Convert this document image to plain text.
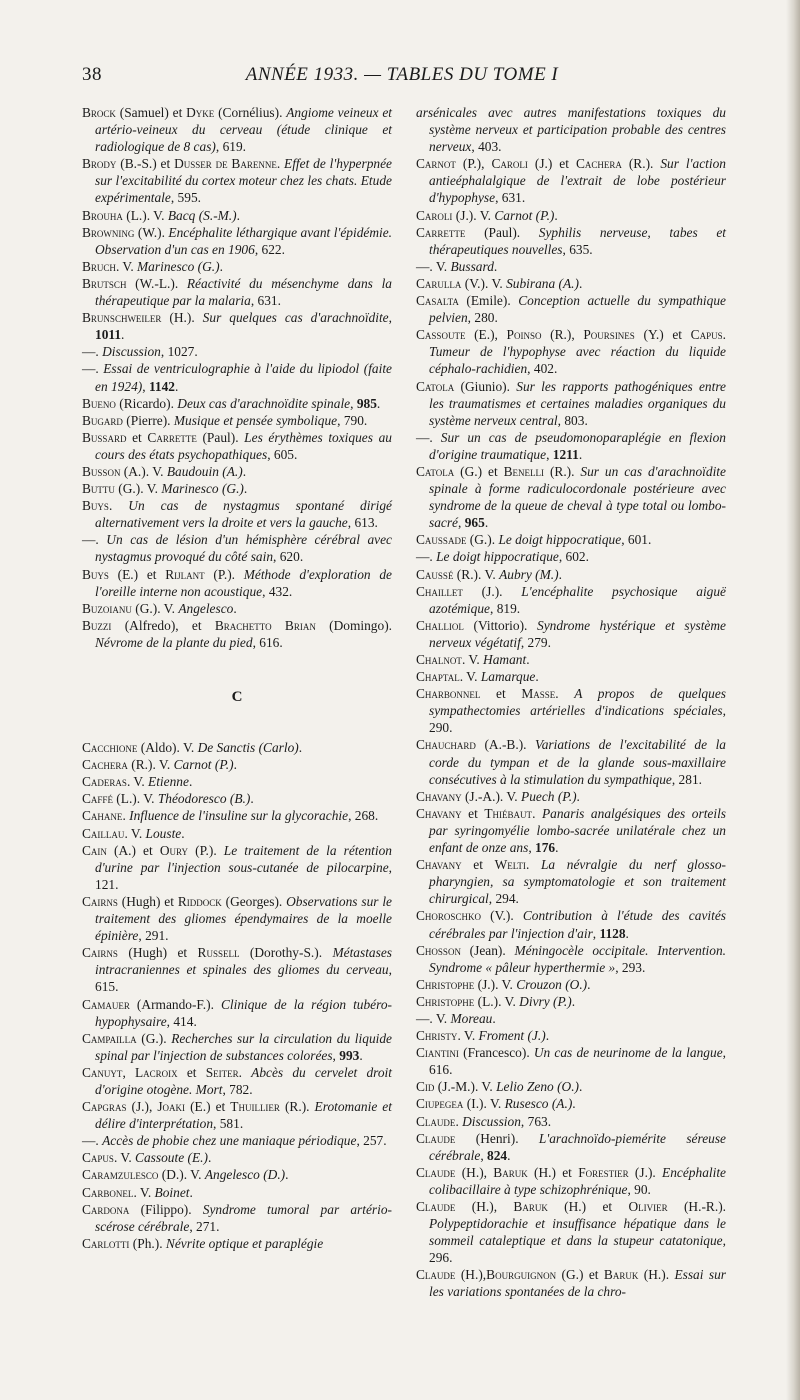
38	ANNÉE 1933. — TABLES DU TOME I
Brock (Samuel) et Dyke (Cornélius). Angiome veineux et artério-veineux du cerveau (étude clinique et radiologique de 8 cas), 619.
Brody (B.-S.) et Dusser de Barenne. Effet de l'hyperpnée sur l'excitabilité du cortex moteur chez les chats. Etude expérimentale, 595.
Brouha (L.). V. Bacq (S.-M.).
Browning (W.). Encéphalite léthargique avant l'épidémie. Observation d'un cas en 1906, 622.
Bruch. V. Marinesco (G.).
Brutsch (W.-L.). Réactivité du mésenchyme dans la thérapeutique par la malaria, 631.
Brunschweiler (H.). Sur quelques cas d'arachnoïdite, 1011.
—. Discussion, 1027.
—. Essai de ventriculographie à l'aide du lipiodol (faite en 1924), 1142.
Bueno (Ricardo). Deux cas d'arachnoïdite spinale, 985.
Bugard (Pierre). Musique et pensée symbolique, 790.
Bussard et Carrette (Paul). Les érythèmes toxiques au cours des états psychopathiques, 605.
Busson (A.). V. Baudouin (A.).
Buttu (G.). V. Marinesco (G.).
Buys. Un cas de nystagmus spontané dirigé alternativement vers la droite et vers la gauche, 613.
—. Un cas de lésion d'un hémisphère cérébral avec nystagmus provoqué du côté sain, 620.
Buys (E.) et Rijlant (P.). Méthode d'exploration de l'oreille interne non acoustique, 432.
Buzoianu (G.). V. Angelesco.
Buzzi (Alfredo), et Brachetto Brian (Domingo). Névrome de la plante du pied, 616.
C
Cacchione (Aldo). V. De Sanctis (Carlo).
Cachera (R.). V. Carnot (P.).
Caderas. V. Etienne.
Caffé (L.). V. Théodoresco (B.).
Cahane. Influence de l'insuline sur la glycorachie, 268.
Caillau. V. Louste.
Cain (A.) et Oury (P.). Le traitement de la rétention d'urine par l'injection sous-cutanée de pilocarpine, 121.
Cairns (Hugh) et Riddock (Georges). Observations sur le traitement des gliomes épendymaires de la moelle épinière, 291.
Cairns (Hugh) et Russell (Dorothy-S.). Métastases intracraniennes et spinales des gliomes du cerveau, 615.
Camauer (Armando-F.). Clinique de la région tubéro-hypophysaire, 414.
Campailla (G.). Recherches sur la circulation du liquide spinal par l'injection de substances colorées, 993.
Canuyt, Lacroix et Seiter. Abcès du cervelet droit d'origine otogène. Mort, 782.
Capgras (J.), Joaki (E.) et Thuillier (R.). Erotomanie et délire d'interprétation, 581.
—. Accès de phobie chez une maniaque périodique, 257.
Capus. V. Cassoute (E.).
Caramzulesco (D.). V. Angelesco (D.).
Carbonel. V. Boinet.
Cardona (Filippo). Syndrome tumoral par artério-scérose cérébrale, 271.
Carlotti (Ph.). Névrite optique et paraplégie
arsénicales avec autres manifestations toxiques du système nerveux et participation probable des centres nerveux, 403.
Carnot (P.), Caroli (J.) et Cachera (R.). Sur l'action antieéphalalgique de l'extrait de lobe postérieur d'hypophyse, 631.
Caroli (J.). V. Carnot (P.).
Carrette (Paul). Syphilis nerveuse, tabes et thérapeutiques nouvelles, 635.
—. V. Bussard.
Carulla (V.). V. Subirana (A.).
Casalta (Emile). Conception actuelle du sympathique pelvien, 280.
Cassoute (E.), Poinso (R.), Poursines (Y.) et Capus. Tumeur de l'hypophyse avec réaction du liquide céphalo-rachidien, 402.
Catola (Giunio). Sur les rapports pathogéniques entre les traumatismes et certaines maladies organiques du système nerveux central, 803.
—. Sur un cas de pseudomonoparaplégie en flexion d'origine traumatique, 1211.
Catola (G.) et Benelli (R.). Sur un cas d'arachnoïdite spinale à forme radiculocordonale postérieure avec syndrome de la queue de cheval à type total ou lombo-sacré, 965.
Caussade (G.). Le doigt hippocratique, 601.
—. Le doigt hippocratique, 602.
Caussé (R.). V. Aubry (M.).
Chaillet (J.). L'encéphalite psychosique aiguë azotémique, 819.
Challiol (Vittorio). Syndrome hystérique et système nerveux végétatif, 279.
Chalnot. V. Hamant.
Chaptal. V. Lamarque.
Charbonnel et Masse. A propos de quelques sympathectomies artérielles d'indications spéciales, 290.
Chauchard (A.-B.). Variations de l'excitabilité de la corde du tympan et de la glande sous-maxillaire consécutives à la stimulation du sympathique, 281.
Chavany (J.-A.). V. Puech (P.).
Chavany et Thiébaut. Panaris analgésiques des orteils par syringomyélie lombo-sacrée unilatérale chez un enfant de onze ans, 176.
Chavany et Welti. La névralgie du nerf glosso-pharyngien, sa symptomatologie et son traitement chirurgical, 294.
Choroschko (V.). Contribution à l'étude des cavités cérébrales par l'injection d'air, 1128.
Chosson (Jean). Méningocèle occipitale. Intervention. Syndrome « pâleur hyperthermie », 293.
Christophe (J.). V. Crouzon (O.).
Christophe (L.). V. Divry (P.).
—. V. Moreau.
Christy. V. Froment (J.).
Ciantini (Francesco). Un cas de neurinome de la langue, 616.
Cid (J.-M.). V. Lelio Zeno (O.).
Ciupegea (I.). V. Rusesco (A.).
Claude. Discussion, 763.
Claude (Henri). L'arachnoïdo-piemérite séreuse cérébrale, 824.
Claude (H.), Baruk (H.) et Forestier (J.). Encéphalite colibacillaire à type schizophrénique, 90.
Claude (H.), Baruk (H.) et Olivier (H.-R.). Polypeptidorachie et insuffisance hépatique dans le sommeil cataleptique et dans la stupeur catatonique, 296.
Claude (H.),Bourguignon (G.) et Baruk (H.). Essai sur les variations spontanées de la chro-
